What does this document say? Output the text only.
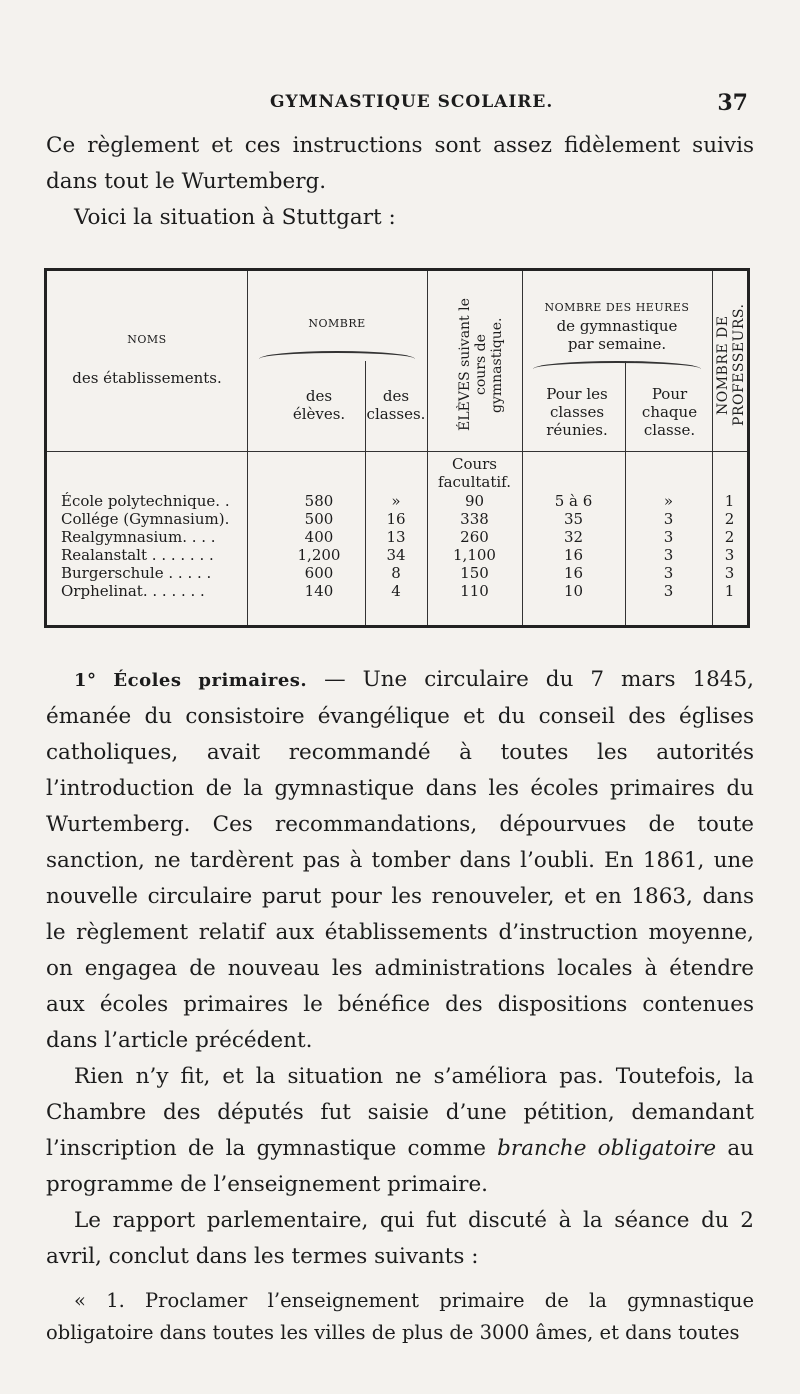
GYMNASTIQUE SCOLAIRE.	37

Ce règlement et ces instructions sont assez fidèlement suivis dans tout le Wurtemberg.

Voici la situation à Stuttgart :

NOMS
des établissements.
NOMBRE
des élèves.
des classes. ÉLÈVES suivant le cours de gymnastique.
NOMBRE DES HEURES
de gymnastique
par semaine.
Pour les classes réunies.
Pour chaque classe.
NOMBRE DE PROFESSEURS.
Cours facultatif.
École polytechnique. .	580	»	90	5 à 6	»	1
Collége (Gymnasium).	500	16	338	35	3	2
Realgymnasium. . . .	400	13	260	32	3	2
Realanstalt . . . . . . .	1,200	34	1,100	16	3	3
Burgerschule . . . . .	600	8	150	16	3	3
Orphelinat. . . . . . .	140	4	110	10	3	1

1° Écoles primaires. — Une circulaire du 7 mars 1845, émanée du consistoire évangélique et du conseil des églises catholiques, avait recommandé à toutes les autorités l’introduction de la gymnastique dans les écoles primaires du Wurtemberg. Ces recommandations, dépourvues de toute sanction, ne tardèrent pas à tomber dans l’oubli. En 1861, une nouvelle circulaire parut pour les renouveler, et en 1863, dans le règlement relatif aux établissements d’instruction moyenne, on engagea de nouveau les administrations locales à étendre aux écoles primaires le bénéfice des dispositions contenues dans l’article précédent.

Rien n’y fit, et la situation ne s’améliora pas. Toutefois, la Chambre des députés fut saisie d’une pétition, demandant l’inscription de la gymnastique comme branche obligatoire au programme de l’enseignement primaire.

Le rapport parlementaire, qui fut discuté à la séance du 2 avril, conclut dans les termes suivants :

« 1. Proclamer l’enseignement primaire de la gymnastique obligatoire dans toutes les villes de plus de 3000 âmes, et dans toutes
